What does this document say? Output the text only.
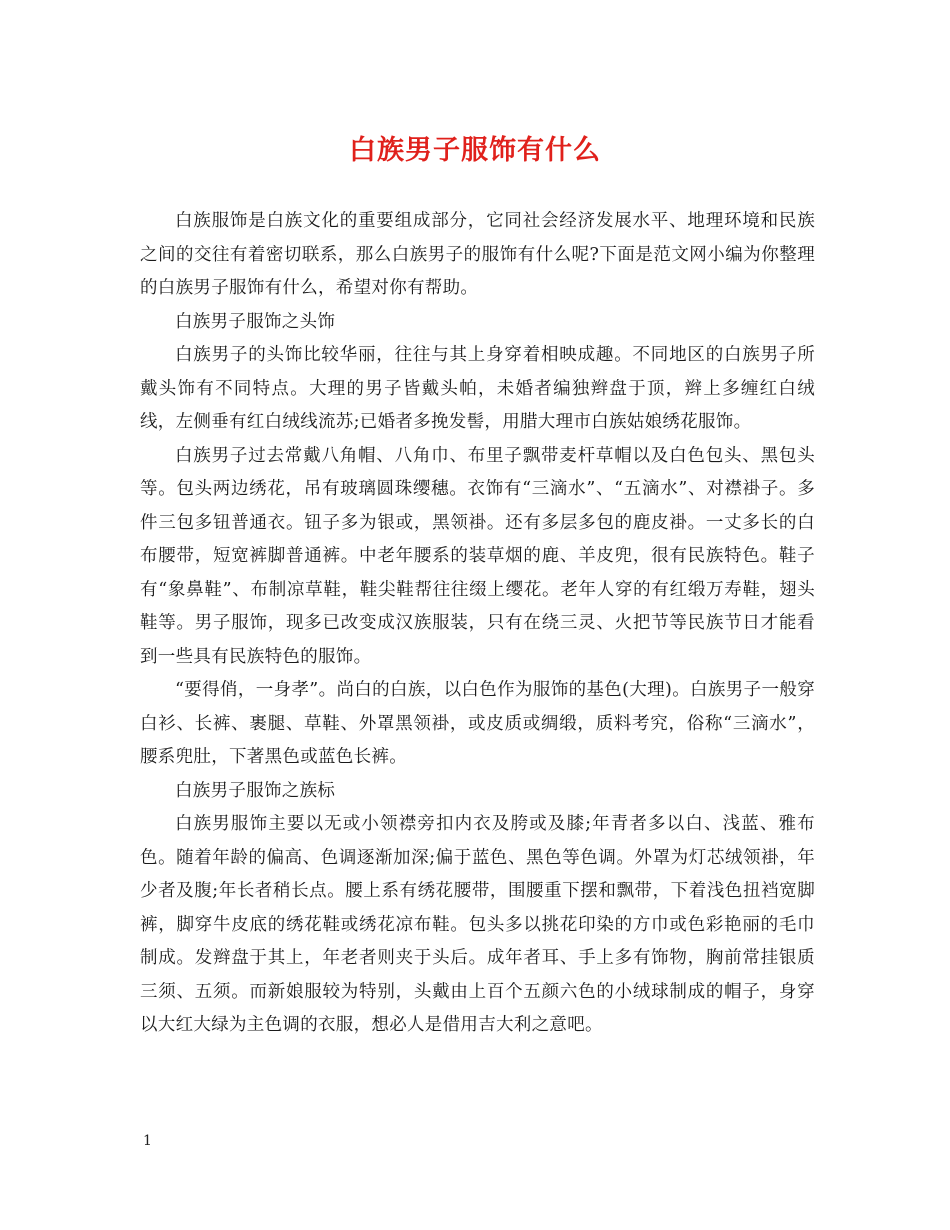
白族男子服饰有什么

白族服饰是白族文化的重要组成部分，它同社会经济发展水平、地理环境和民族之间的交往有着密切联系，那么白族男子的服饰有什么呢?下面是范文网小编为你整理的白族男子服饰有什么，希望对你有帮助。

白族男子服饰之头饰

白族男子的头饰比较华丽，往往与其上身穿着相映成趣。不同地区的白族男子所戴头饰有不同特点。大理的男子皆戴头帕，未婚者编独辫盘于顶，辫上多缠红白绒线，左侧垂有红白绒线流苏;已婚者多挽发髻，用腊大理市白族姑娘绣花服饰。

白族男子过去常戴八角帽、八角巾、布里子飘带麦杆草帽以及白色包头、黑包头等。包头两边绣花，吊有玻璃圆珠缨穗。衣饰有“三滴水”、“五滴水”、对襟褂子。多件三包多钮普通衣。钮子多为银或，黑领褂。还有多层多包的鹿皮褂。一丈多长的白布腰带，短宽裤脚普通裤。中老年腰系的装草烟的鹿、羊皮兜，很有民族特色。鞋子有“象鼻鞋”、布制凉草鞋，鞋尖鞋帮往往缀上缨花。老年人穿的有红缎万寿鞋，翅头鞋等。男子服饰，现多已改变成汉族服装，只有在绕三灵、火把节等民族节日才能看到一些具有民族特色的服饰。

“要得俏，一身孝”。尚白的白族，以白色作为服饰的基色(大理)。白族男子一般穿白衫、长裤、裹腿、草鞋、外罩黑领褂，或皮质或绸缎，质料考究，俗称“三滴水”，腰系兜肚，下著黑色或蓝色长裤。

白族男子服饰之族标

白族男服饰主要以无或小领襟旁扣内衣及胯或及膝;年青者多以白、浅蓝、雅布色。随着年龄的偏高、色调逐渐加深;偏于蓝色、黑色等色调。外罩为灯芯绒领褂，年少者及腹;年长者稍长点。腰上系有绣花腰带，围腰重下摆和飘带，下着浅色扭裆宽脚裤，脚穿牛皮底的绣花鞋或绣花凉布鞋。包头多以挑花印染的方巾或色彩艳丽的毛巾制成。发辫盘于其上，年老者则夹于头后。成年者耳、手上多有饰物，胸前常挂银质三须、五须。而新娘服较为特别，头戴由上百个五颜六色的小绒球制成的帽子，身穿以大红大绿为主色调的衣服，想必人是借用吉大利之意吧。

1
